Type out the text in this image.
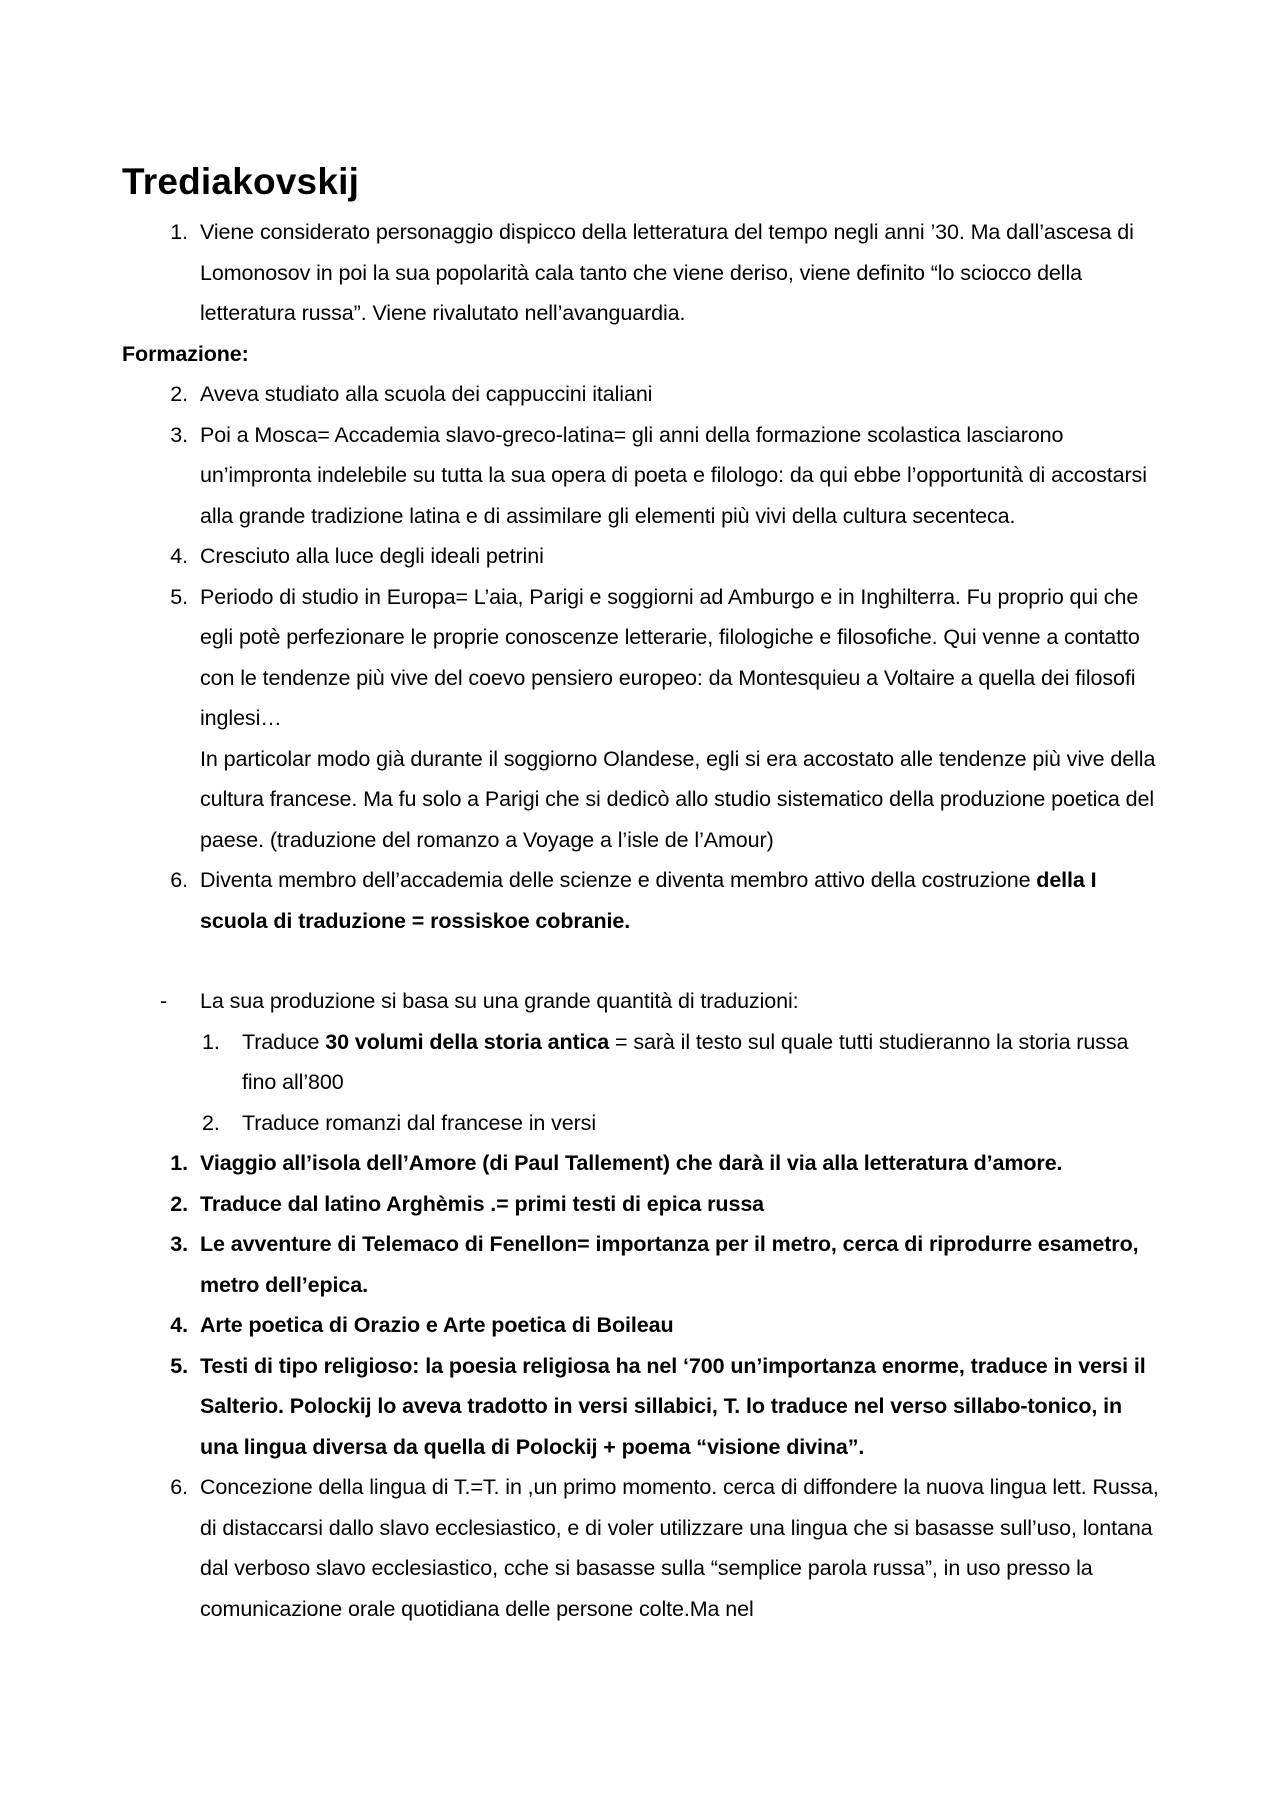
Trediakovskij
1. Viene considerato personaggio dispicco della letteratura del tempo negli anni ’30. Ma dall’ascesa di Lomonosov in poi la sua popolarità cala tanto che viene deriso, viene definito “lo sciocco della letteratura russa”. Viene rivalutato nell’avanguardia.

Formazione:

2. Aveva studiato alla scuola dei cappuccini italiani
3. Poi a Mosca= Accademia slavo-greco-latina= gli anni della formazione scolastica lasciarono un’impronta indelebile su tutta la sua opera di poeta e filologo: da qui ebbe l’opportunità di accostarsi alla grande tradizione latina e di assimilare gli elementi più vivi della cultura secenteca.
4. Cresciuto alla luce degli ideali petrini
5. Periodo di studio in Europa= L’aia, Parigi e soggiorni ad Amburgo e in Inghilterra. Fu proprio qui che egli potè perfezionare le proprie conoscenze letterarie, filologiche e filosofiche. Qui venne a contatto con le tendenze più vive del coevo pensiero europeo: da Montesquieu a Voltaire a quella dei filosofi inglesi…
In particolar modo già durante il soggiorno Olandese, egli si era accostato alle tendenze più vive della cultura francese. Ma fu solo a Parigi che si dedicò allo studio sistematico della produzione poetica del paese. (traduzione del romanzo a Voyage a l’isle de l’Amour)
6. Diventa membro dell’accademia delle scienze e diventa membro attivo della costruzione della I scuola di traduzione = rossiskoe cobranie.
-	La sua produzione si basa su una grande quantità di traduzioni:
1.	Traduce 30 volumi della storia antica = sarà il testo sul quale tutti studieranno la storia russa fino all’800
2.	Traduce romanzi dal francese in versi
1. Viaggio all’isola dell’Amore (di Paul Tallement) che darà il via alla letteratura d’amore.
2. Traduce dal latino Arghèmis .= primi testi di epica russa
3. Le avventure di Telemaco di Fenellon= importanza per il metro, cerca di riprodurre esametro, metro dell’epica.
4. Arte poetica di Orazio e Arte poetica di Boileau
5. Testi di tipo religioso: la poesia religiosa ha nel ‘700 un’importanza enorme, traduce in versi il Salterio. Polockij lo aveva tradotto in versi sillabici, T. lo traduce nel verso sillabo-tonico, in una lingua diversa da quella di Polockij + poema “visione divina”.
6. Concezione della lingua di T.=T. in ,un primo momento. cerca di diffondere la nuova lingua lett. Russa, di distaccarsi dallo slavo ecclesiastico, e di voler utilizzare una lingua che si basasse sull’uso, lontana dal verboso slavo ecclesiastico, cche si basasse sulla “semplice parola russa”, in uso presso la comunicazione orale quotidiana delle persone colte.Ma nel
